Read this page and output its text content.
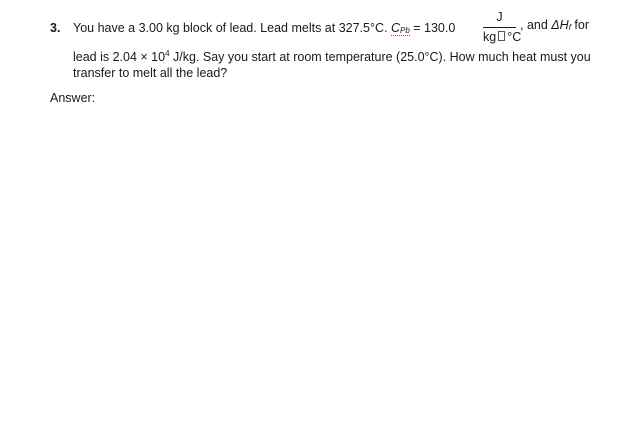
3. You have a 3.00 kg block of lead. Lead melts at 327.5°C. $C_{Pb} = 130.0$
J
kg °C
, and $\Delta H_f$ for
lead is $2.04 \times 10^4$ J/kg. Say you start at room temperature (25.0°C). How much heat must you
transfer to melt all the lead?
Answer:
